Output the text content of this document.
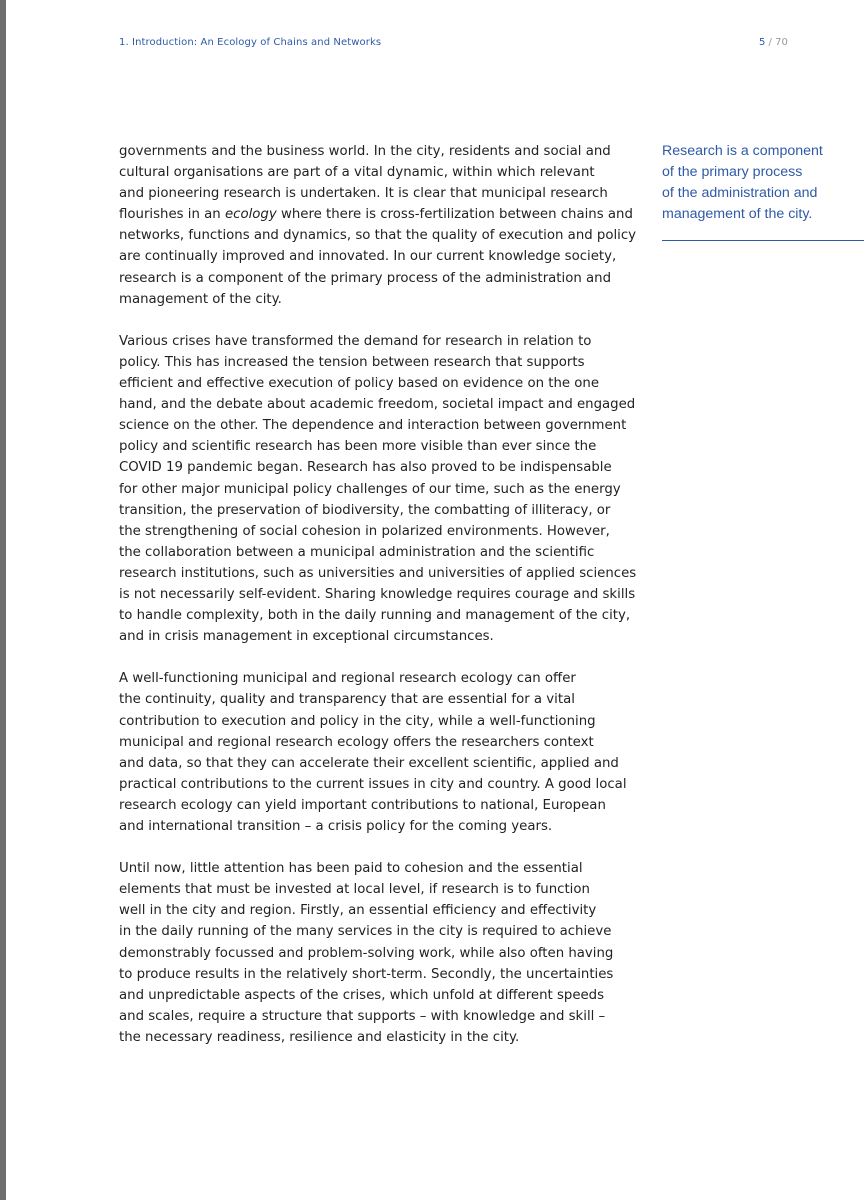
1. Introduction: An Ecology of Chains and Networks	5 / 70

governments and the business world. In the city, residents and social and
cultural organisations are part of a vital dynamic, within which relevant
and pioneering research is undertaken. It is clear that municipal research
flourishes in an ecology where there is cross-fertilization between chains and
networks, functions and dynamics, so that the quality of execution and policy
are continually improved and innovated. In our current knowledge society,
research is a component of the primary process of the administration and
management of the city.

Various crises have transformed the demand for research in relation to
policy. This has increased the tension between research that supports
efficient and effective execution of policy based on evidence on the one
hand, and the debate about academic freedom, societal impact and engaged
science on the other. The dependence and interaction between government
policy and scientific research has been more visible than ever since the
COVID 19 pandemic began. Research has also proved to be indispensable
for other major municipal policy challenges of our time, such as the energy
transition, the preservation of biodiversity, the combatting of illiteracy, or
the strengthening of social cohesion in polarized environments. However,
the collaboration between a municipal administration and the scientific
research institutions, such as universities and universities of applied sciences
is not necessarily self-evident. Sharing knowledge requires courage and skills
to handle complexity, both in the daily running and management of the city,
and in crisis management in exceptional circumstances.

A well-functioning municipal and regional research ecology can offer
the continuity, quality and transparency that are essential for a vital
contribution to execution and policy in the city, while a well-functioning
municipal and regional research ecology offers the researchers context
and data, so that they can accelerate their excellent scientific, applied and
practical contributions to the current issues in city and country. A good local
research ecology can yield important contributions to national, European
and international transition – a crisis policy for the coming years.

Until now, little attention has been paid to cohesion and the essential
elements that must be invested at local level, if research is to function
well in the city and region. Firstly, an essential efficiency and effectivity
in the daily running of the many services in the city is required to achieve
demonstrably focussed and problem-solving work, while also often having
to produce results in the relatively short-term. Secondly, the uncertainties
and unpredictable aspects of the crises, which unfold at different speeds
and scales, require a structure that supports – with knowledge and skill –
the necessary readiness, resilience and elasticity in the city.

Research is a component
of the primary process
of the administration and
management of the city.
